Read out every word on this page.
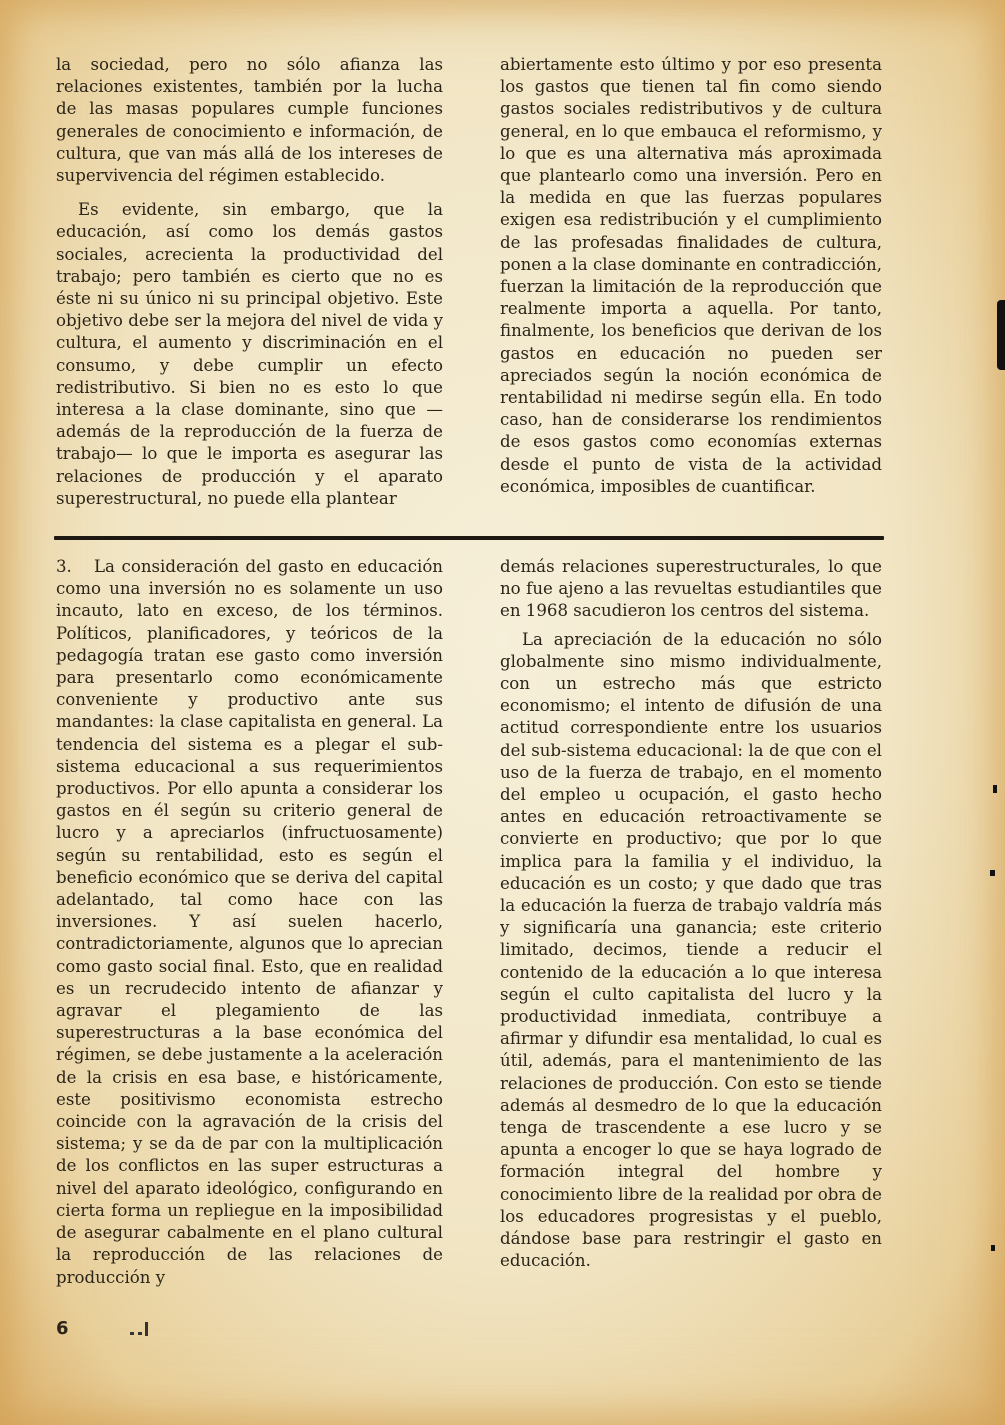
la sociedad, pero no sólo afianza las relaciones existentes, también por la lucha de las masas populares cumple funciones generales de conocimiento e información, de cultura, que van más allá de los intereses de supervivencia del régimen establecido.

Es evidente, sin embargo, que la educación, así como los demás gastos sociales, acrecienta la productividad del trabajo; pero también es cierto que no es éste ni su único ni su principal objetivo. Este objetivo debe ser la mejora del nivel de vida y cultura, el aumento y discriminación en el consumo, y debe cumplir un efecto redistributivo. Si bien no es esto lo que interesa a la clase dominante, sino que —además de la reproducción de la fuerza de trabajo— lo que le importa es asegurar las relaciones de producción y el aparato superestructural, no puede ella plantear

abiertamente esto último y por eso presenta los gastos que tienen tal fin como siendo gastos sociales redistributivos y de cultura general, en lo que embauca el reformismo, y lo que es una alternativa más aproximada que plantearlo como una inversión. Pero en la medida en que las fuerzas populares exigen esa redistribución y el cumplimiento de las profesadas finalidades de cultura, ponen a la clase dominante en contradicción, fuerzan la limitación de la reproducción que realmente importa a aquella. Por tanto, finalmente, los beneficios que derivan de los gastos en educación no pueden ser apreciados según la noción económica de rentabilidad ni medirse según ella. En todo caso, han de considerarse los rendimientos de esos gastos como economías externas desde el punto de vista de la actividad económica, imposibles de cuantificar.

3. La consideración del gasto en educación como una inversión no es solamente un uso incauto, lato en exceso, de los términos. Políticos, planificadores, y teóricos de la pedagogía tratan ese gasto como inversión para presentarlo como económicamente conveniente y productivo ante sus mandantes: la clase capitalista en general. La tendencia del sistema es a plegar el sub-sistema educacional a sus requerimientos productivos. Por ello apunta a considerar los gastos en él según su criterio general de lucro y a apreciarlos (infructuosamente) según su rentabilidad, esto es según el beneficio económico que se deriva del capital adelantado, tal como hace con las inversiones. Y así suelen hacerlo, contradictoriamente, algunos que lo aprecian como gasto social final. Esto, que en realidad es un recrudecido intento de afianzar y agravar el plegamiento de las superestructuras a la base económica del régimen, se debe justamente a la aceleración de la crisis en esa base, e históricamente, este positivismo economista estrecho coincide con la agravación de la crisis del sistema; y se da de par con la multiplicación de los conflictos en las super estructuras a nivel del aparato ideológico, configurando en cierta forma un repliegue en la imposibilidad de asegurar cabalmente en el plano cultural la reproducción de las relaciones de producción y

demás relaciones superestructurales, lo que no fue ajeno a las revueltas estudiantiles que en 1968 sacudieron los centros del sistema.

La apreciación de la educación no sólo globalmente sino mismo individualmente, con un estrecho más que estricto economismo; el intento de difusión de una actitud correspondiente entre los usuarios del sub-sistema educacional: la de que con el uso de la fuerza de trabajo, en el momento del empleo u ocupación, el gasto hecho antes en educación retroactivamente se convierte en productivo; que por lo que implica para la familia y el individuo, la educación es un costo; y que dado que tras la educación la fuerza de trabajo valdría más y significaría una ganancia; este criterio limitado, decimos, tiende a reducir el contenido de la educación a lo que interesa según el culto capitalista del lucro y la productividad inmediata, contribuye a afirmar y difundir esa mentalidad, lo cual es útil, además, para el mantenimiento de las relaciones de producción. Con esto se tiende además al desmedro de lo que la educación tenga de trascendente a ese lucro y se apunta a encoger lo que se haya logrado de formación integral del hombre y conocimiento libre de la realidad por obra de los educadores progresistas y el pueblo, dándose base para restringir el gasto en educación.

6
